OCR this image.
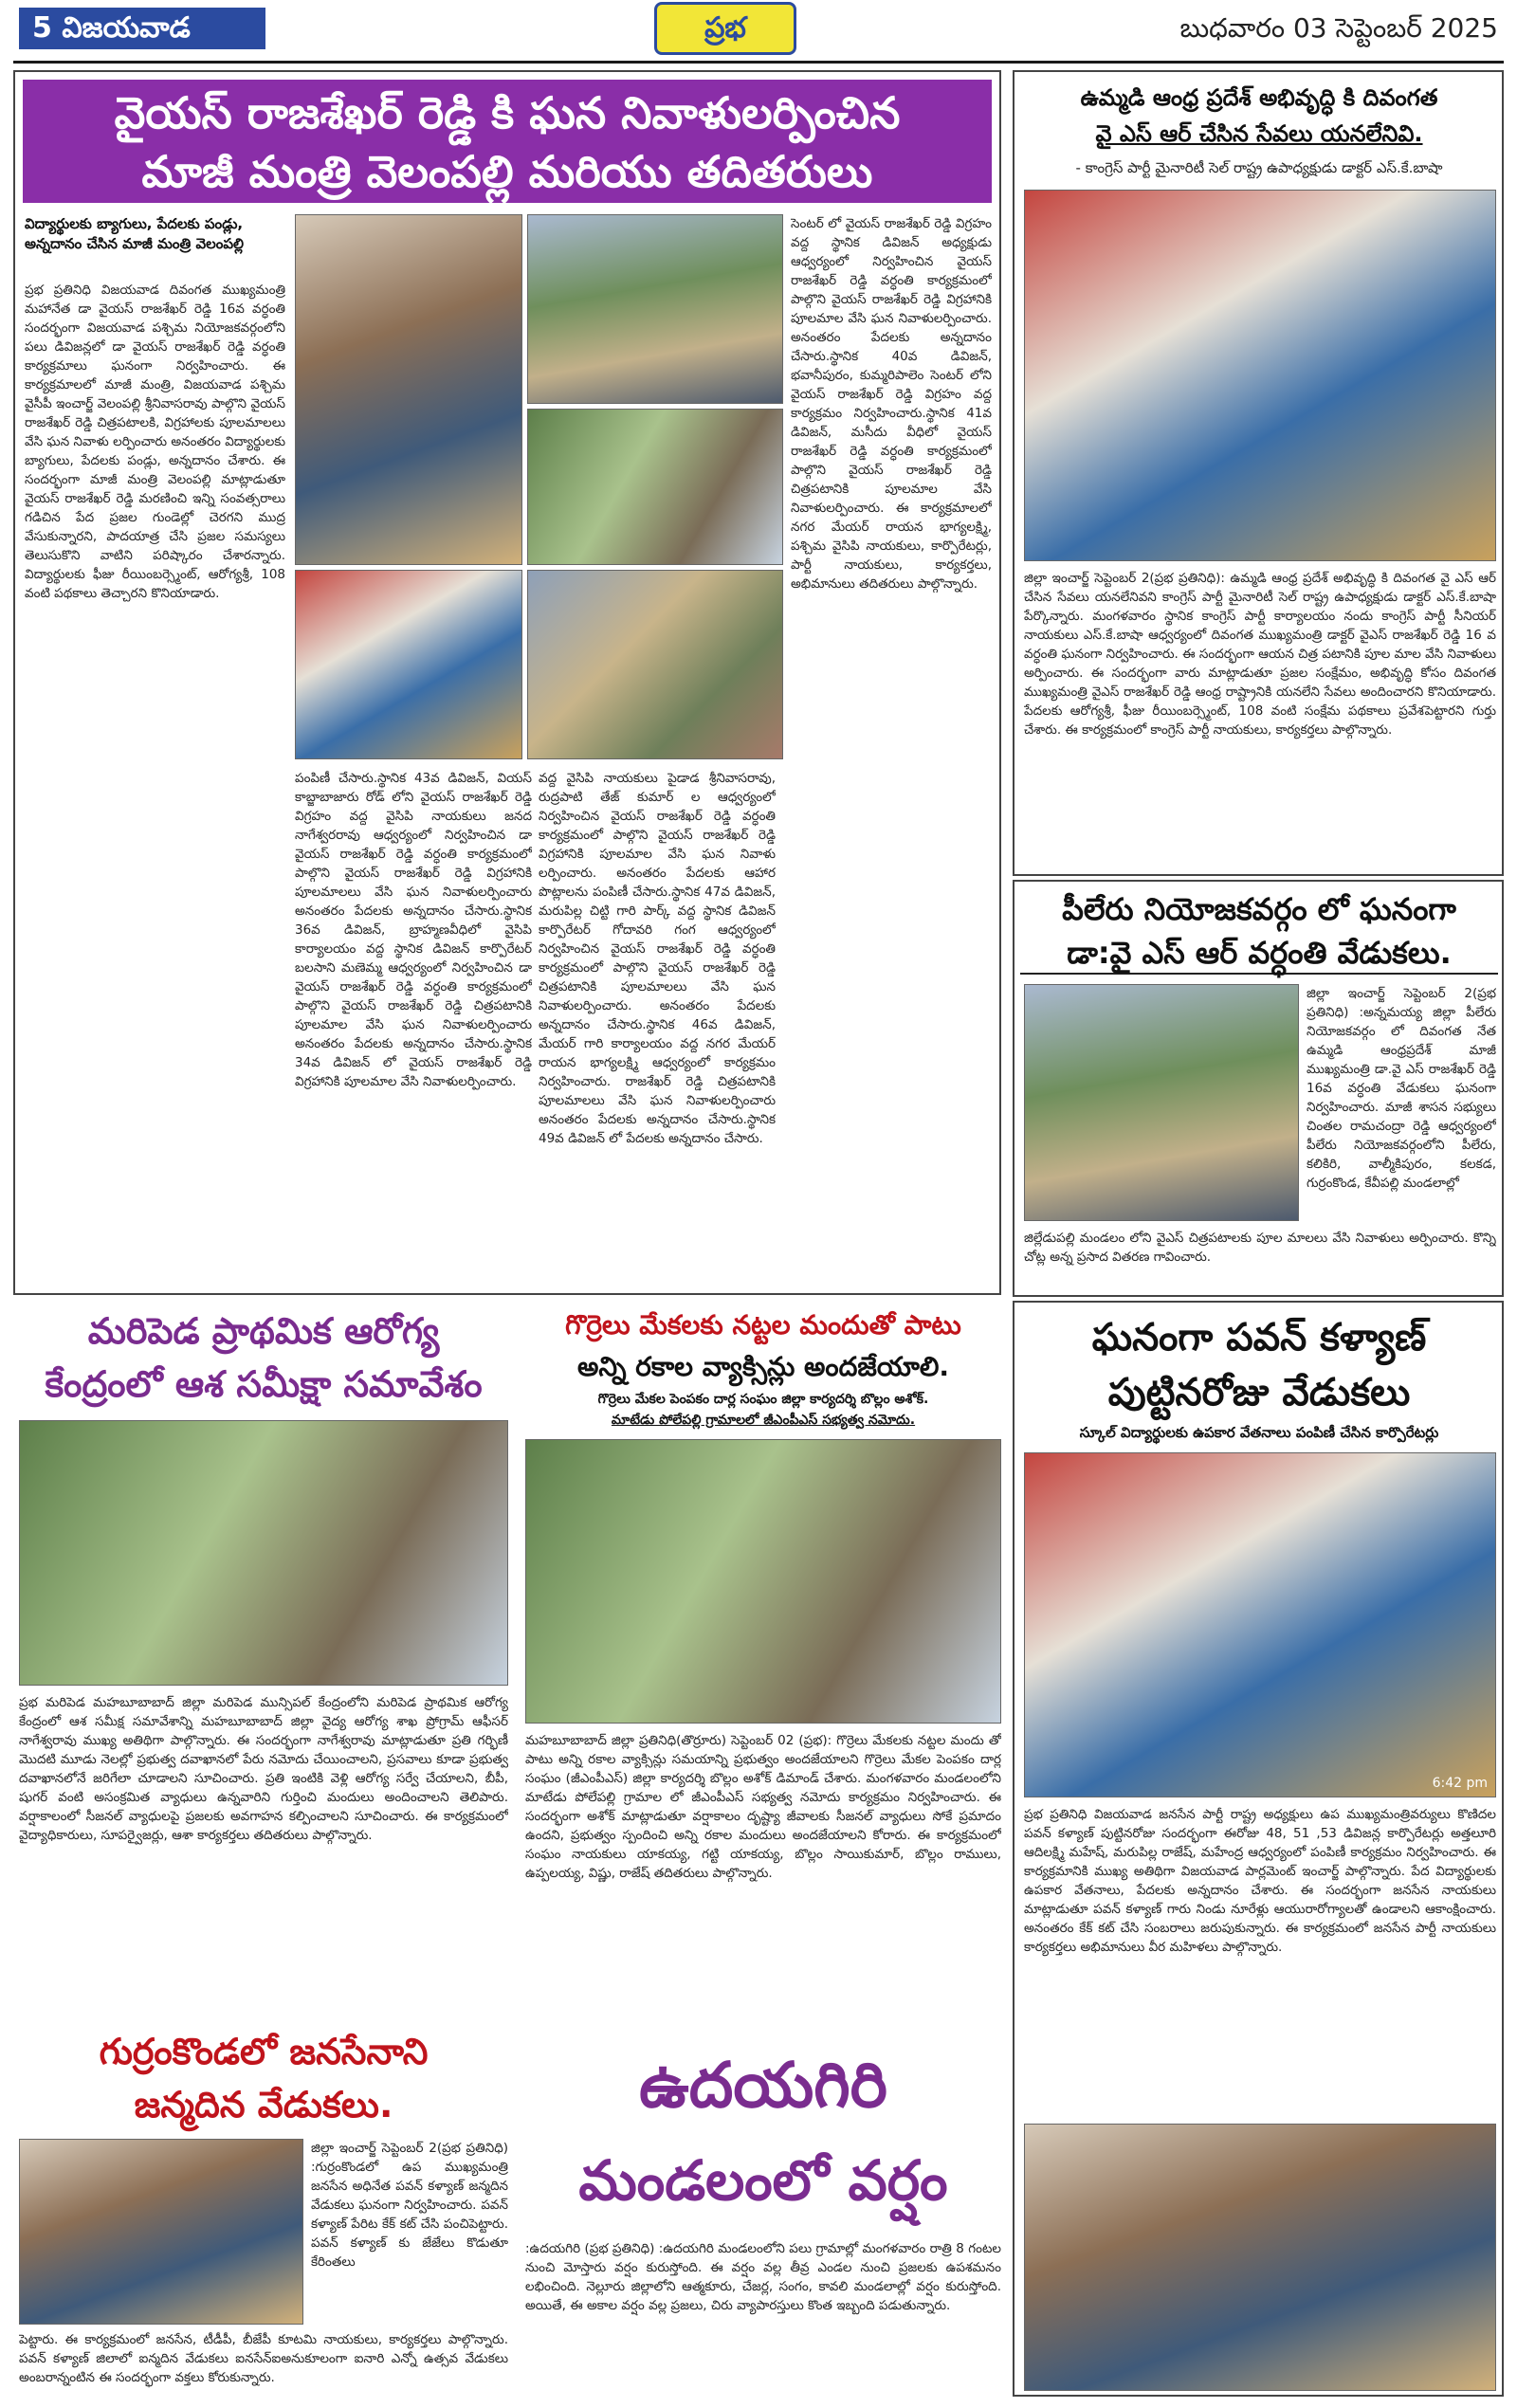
5 విజయవాడ	ప్రభ	బుధవారం 03 సెప్టెంబర్ 2025
వైయస్ రాజశేఖర్ రెడ్డి కి ఘన నివాళులర్పించిన
మాజీ మంత్రి వెలంపల్లి మరియు తదితరులు
విద్యార్థులకు బ్యాగులు, పేదలకు పండ్లు, అన్నదానం చేసిన మాజీ మంత్రి వెలంపల్లి
ప్రభ ప్రతినిధి విజయవాడ దివంగత ముఖ్యమంత్రి మహానేత డా వైయస్ రాజశేఖర్ రెడ్డి 16వ వర్ధంతి సందర్భంగా విజయవాడ పశ్చిమ నియోజకవర్గంలోని పలు డివిజన్లలో డా వైయస్ రాజశేఖర్ రెడ్డి వర్ధంతి కార్యక్రమాలు ఘనంగా నిర్వహించారు. ఈ కార్యక్రమాలలో మాజీ మంత్రి, విజయవాడ పశ్చిమ వైసీపీ ఇంచార్జ్ వెలంపల్లి శ్రీనివాసరావు పాల్గొని వైయస్ రాజశేఖర్ రెడ్డి చిత్రపటాలకి, విగ్రహాలకు పూలమాలలు వేసి ఘన నివాళు లర్పించారు అనంతరం విద్యార్థులకు బ్యాగులు, పేదలకు పండ్లు, అన్నదానం చేశారు. ఈ సందర్భంగా మాజీ మంత్రి వెలంపల్లి మాట్లాడుతూ వైయస్ రాజశేఖర్ రెడ్డి మరణించి ఇన్ని సంవత్సరాలు గడిచిన పేద ప్రజల గుండెల్లో చెరగని ముద్ర వేసుకున్నారని, పాదయాత్ర చేసి ప్రజల సమస్యలు తెలుసుకొని వాటిని పరిష్కారం చేశారన్నారు. విద్యార్థులకు ఫీజు రీయింబర్స్మెంట్, ఆరోగ్యశ్రీ, 108 వంటి పథకాలు తెచ్చారని కొనియాడారు.
పంపిణీ చేసారు.స్థానిక 43వ డివిజన్, వియస్ కాబ్జాబాజారు రోడ్ లోని వైయస్ రాజశేఖర్ రెడ్డి విగ్రహం వద్ద వైసిపి నాయకులు జనద నాగేశ్వరరావు ఆధ్వర్యంలో నిర్వహించిన డా వైయస్ రాజశేఖర్ రెడ్డి వర్ధంతి కార్యక్రమంలో పాల్గొని వైయస్ రాజశేఖర్ రెడ్డి విగ్రహానికి పూలమాలలు వేసి ఘన నివాళులర్పించారు అనంతరం పేదలకు అన్నదానం చేసారు.స్థానిక 36వ డివిజన్, బ్రాహ్మణవీధిలో వైసిపి కార్యాలయం వద్ద స్థానిక డివిజన్ కార్పొరేటర్ బలసాని మణెమ్మ ఆధ్వర్యంలో నిర్వహించిన డా వైయస్ రాజశేఖర్ రెడ్డి వర్ధంతి కార్యక్రమంలో పాల్గొని వైయస్ రాజశేఖర్ రెడ్డి చిత్రపటానికి పూలమాల వేసి ఘన నివాళులర్పించారు అనంతరం పేదలకు అన్నదానం చేసారు.స్థానిక 34వ డివిజన్ లో వైయస్ రాజశేఖర్ రెడ్డి విగ్రహానికి పూలమాల వేసి నివాళులర్పించారు.
వద్ద వైసిపి నాయకులు పైడాడ శ్రీనివాసరావు, రుద్రపాటి తేజ్ కుమార్ ల ఆధ్వర్యంలో నిర్వహించిన వైయస్ రాజశేఖర్ రెడ్డి వర్ధంతి కార్యక్రమంలో పాల్గొని వైయస్ రాజశేఖర్ రెడ్డి విగ్రహానికి పూలమాల వేసి ఘన నివాళు లర్పించారు. అనంతరం పేదలకు ఆహార పొట్లాలను పంపిణీ చేసారు.స్థానిక 47వ డివిజన్, మరుపిల్ల చిట్టి గారి పార్క్ వద్ద స్థానిక డివిజన్ కార్పొరేటర్ గోదావరి గంగ ఆధ్వర్యంలో నిర్వహించిన వైయస్ రాజశేఖర్ రెడ్డి వర్ధంతి కార్యక్రమంలో పాల్గొని వైయస్ రాజశేఖర్ రెడ్డి చిత్రపటానికి పూలమాలలు వేసి ఘన నివాళులర్పించారు. అనంతరం పేదలకు అన్నదానం చేసారు.స్థానిక 46వ డివిజన్, మేయర్ గారి కార్యాలయం వద్ద నగర మేయర్ రాయన భాగ్యలక్ష్మి ఆధ్వర్యంలో కార్యక్రమం నిర్వహించారు. రాజశేఖర్ రెడ్డి చిత్రపటానికి పూలమాలలు వేసి ఘన నివాళులర్పించారు అనంతరం పేదలకు అన్నదానం చేసారు.స్థానిక 49వ డివిజన్ లో పేదలకు అన్నదానం చేసారు.
సెంటర్ లో వైయస్ రాజశేఖర్ రెడ్డి విగ్రహం వద్ద స్థానిక డివిజన్ అధ్యక్షుడు ఆధ్వర్యంలో నిర్వహించిన వైయస్ రాజశేఖర్ రెడ్డి వర్ధంతి కార్యక్రమంలో పాల్గొని వైయస్ రాజశేఖర్ రెడ్డి విగ్రహానికి పూలమాల వేసి ఘన నివాళులర్పించారు. అనంతరం పేదలకు అన్నదానం చేసారు.స్థానిక 40వ డివిజన్, భవానీపురం, కుమ్మరిపాలెం సెంటర్ లోని వైయస్ రాజశేఖర్ రెడ్డి విగ్రహం వద్ద కార్యక్రమం నిర్వహించారు.స్థానిక 41వ డివిజన్, మసీదు వీధిలో వైయస్ రాజశేఖర్ రెడ్డి వర్ధంతి కార్యక్రమంలో పాల్గొని వైయస్ రాజశేఖర్ రెడ్డి చిత్రపటానికి పూలమాల వేసి నివాళులర్పించారు. ఈ కార్యక్రమాలలో నగర మేయర్ రాయన భాగ్యలక్ష్మి, పశ్చిమ వైసిపి నాయకులు, కార్పొరేటర్లు, పార్టీ నాయకులు, కార్యకర్తలు, అభిమానులు తదితరులు పాల్గొన్నారు.
ఉమ్మడి ఆంధ్ర ప్రదేశ్ అభివృద్ధి కి దివంగత
వై ఎస్ ఆర్ చేసిన సేవలు యనలేనివి.
- కాంగ్రెస్ పార్టీ మైనారిటీ సెల్ రాష్ట్ర ఉపాధ్యక్షుడు డాక్టర్ ఎస్.కే.బాషా
జిల్లా ఇంచార్జ్ సెప్టెంబర్ 2(ప్రభ ప్రతినిధి): ఉమ్మడి ఆంధ్ర ప్రదేశ్ అభివృద్ధి కి దివంగత వై ఎస్ ఆర్ చేసిన సేవలు యనలేనివని కాంగ్రెస్ పార్టీ మైనారిటీ సెల్ రాష్ట్ర ఉపాధ్యక్షుడు డాక్టర్ ఎస్.కే.బాషా పేర్కొన్నారు. మంగళవారం స్థానిక కాంగ్రెస్ పార్టీ కార్యాలయం నందు కాంగ్రెస్ పార్టీ సీనియర్ నాయకులు ఎస్.కే.బాషా ఆధ్వర్యంలో దివంగత ముఖ్యమంత్రి డాక్టర్ వైఎస్ రాజశేఖర్ రెడ్డి 16 వ వర్ధంతి ఘనంగా నిర్వహించారు. ఈ సందర్భంగా ఆయన చిత్ర పటానికి పూల మాల వేసి నివాళులు అర్పించారు. ఈ సందర్భంగా వారు మాట్లాడుతూ ప్రజల సంక్షేమం, అభివృద్ధి కోసం దివంగత ముఖ్యమంత్రి వైఎస్ రాజశేఖర్ రెడ్డి ఆంధ్ర రాష్ట్రానికి యనలేని సేవలు అందించారని కొనియాడారు. పేదలకు ఆరోగ్యశ్రీ, ఫీజు రీయింబర్స్మెంట్, 108 వంటి సంక్షేమ పథకాలు ప్రవేశపెట్టారని గుర్తు చేశారు. ఈ కార్యక్రమంలో కాంగ్రెస్ పార్టీ నాయకులు, కార్యకర్తలు పాల్గొన్నారు.
పీలేరు నియోజకవర్గం లో ఘనంగా
డా:వై ఎస్ ఆర్ వర్ధంతి వేడుకలు.
జిల్లా ఇంచార్జ్ సెప్టెంబర్ 2(ప్రభ ప్రతినిధి) :అన్నమయ్య జిల్లా పీలేరు నియోజకవర్గం లో దివంగత నేత ఉమ్మడి ఆంధ్రప్రదేశ్ మాజీ ముఖ్యమంత్రి డా.వై ఎస్ రాజశేఖర్ రెడ్డి 16వ వర్ధంతి వేడుకలు ఘనంగా నిర్వహించారు. మాజీ శాసన సభ్యులు చింతల రామచంద్రా రెడ్డి ఆధ్వర్యంలో పీలేరు నియోజకవర్గంలోని పీలేరు, కలికిరి, వాల్మీకిపురం, కలకడ, గుర్రంకొండ, కేవీపల్లి మండలాల్లో
జిల్లేడుపల్లి మండలం లోని వైఎస్ చిత్రపటాలకు పూల మాలలు వేసి నివాళులు అర్పించారు. కొన్ని చోట్ల అన్న ప్రసాద వితరణ గావించారు.
ఘనంగా పవన్ కళ్యాణ్
పుట్టినరోజు వేడుకలు
స్కూల్ విద్యార్థులకు ఉపకార వేతనాలు పంపిణీ చేసిన కార్పొరేటర్లు
6:42 pm
ప్రభ ప్రతినిధి విజయవాడ జనసేన పార్టీ రాష్ట్ర అధ్యక్షులు ఉప ముఖ్యమంత్రివర్యులు కొణిదల పవన్ కళ్యాణ్ పుట్టినరోజు సందర్భంగా ఈరోజు 48, 51 ,53 డివిజన్ల కార్పొరేటర్లు అత్తలూరి ఆదిలక్ష్మి మహేష్, మరుపిల్ల రాజేష్, మహేంద్ర ఆధ్వర్యంలో పంపిణీ కార్యక్రమం నిర్వహించారు. ఈ కార్యక్రమానికి ముఖ్య అతిథిగా విజయవాడ పార్లమెంట్ ఇంచార్జ్ పాల్గొన్నారు. పేద విద్యార్థులకు ఉపకార వేతనాలు, పేదలకు అన్నదానం చేశారు. ఈ సందర్భంగా జనసేన నాయకులు మాట్లాడుతూ పవన్ కళ్యాణ్ గారు నిండు నూరేళ్లు ఆయురారోగ్యాలతో ఉండాలని ఆకాంక్షించారు. అనంతరం కేక్ కట్ చేసి సంబరాలు జరుపుకున్నారు. ఈ కార్యక్రమంలో జనసేన పార్టీ నాయకులు కార్యకర్తలు అభిమానులు వీర మహిళలు పాల్గొన్నారు.
మరిపెడ ప్రాథమిక ఆరోగ్య
కేంద్రంలో ఆశ సమీక్షా సమావేశం
ప్రభ మరిపెడ మహబూబాబాద్ జిల్లా మరిపెడ మున్సిపల్ కేంద్రంలోని మరిపెడ ప్రాథమిక ఆరోగ్య కేంద్రంలో ఆశ సమీక్ష సమావేశాన్ని మహబూబాబాద్ జిల్లా వైద్య ఆరోగ్య శాఖ ప్రోగ్రామ్ ఆఫీసర్ నాగేశ్వరావు ముఖ్య అతిథిగా పాల్గొన్నారు. ఈ సందర్భంగా నాగేశ్వరావు మాట్లాడుతూ ప్రతి గర్భిణీ మొదటి మూడు నెలల్లో ప్రభుత్వ దవాఖానలో పేరు నమోదు చేయించాలని, ప్రసవాలు కూడా ప్రభుత్వ దవాఖానలోనే జరిగేలా చూడాలని సూచించారు. ప్రతి ఇంటికి వెళ్లి ఆరోగ్య సర్వే చేయాలని, బీపీ, షుగర్ వంటి అసంక్రమిత వ్యాధులు ఉన్నవారిని గుర్తించి మందులు అందించాలని తెలిపారు. వర్షాకాలంలో సీజనల్ వ్యాధులపై ప్రజలకు అవగాహన కల్పించాలని సూచించారు. ఈ కార్యక్రమంలో వైద్యాధికారులు, సూపర్వైజర్లు, ఆశా కార్యకర్తలు తదితరులు పాల్గొన్నారు.
గొర్రెలు మేకలకు నట్టల మందుతో పాటు
అన్ని రకాల వ్యాక్సిన్లు అందజేయాలి.
గొర్రెలు మేకల పెంపకం దార్ల సంఘం జిల్లా కార్యదర్శి బొల్లం అశోక్.
మాటేడు పోలేపల్లి గ్రామాలలో జీఎంపీఎస్ సభ్యత్వ నమోదు.
మహబూబాబాద్ జిల్లా ప్రతినిధి(తొర్రూరు) సెప్టెంబర్ 02 (ప్రభ): గొర్రెలు మేకలకు నట్టల మందు తో పాటు అన్ని రకాల వ్యాక్సిన్లు సమయాన్ని ప్రభుత్వం అందజేయాలని గొర్రెలు మేకల పెంపకం దార్ల సంఘం (జీఎంపీఎస్) జిల్లా కార్యదర్శి బొల్లం అశోక్ డిమాండ్ చేశారు. మంగళవారం మండలంలోని మాటేడు పోలేపల్లి గ్రామాల లో జీఎంపీఎస్ సభ్యత్వ నమోదు కార్యక్రమం నిర్వహించారు. ఈ సందర్భంగా అశోక్ మాట్లాడుతూ వర్షాకాలం దృష్ట్యా జీవాలకు సీజనల్ వ్యాధులు సోకే ప్రమాదం ఉందని, ప్రభుత్వం స్పందించి అన్ని రకాల మందులు అందజేయాలని కోరారు. ఈ కార్యక్రమంలో సంఘం నాయకులు యాకయ్య, గట్టి యాకయ్య, బొల్లం సాయికుమార్, బొల్లం రాములు, ఉప్పలయ్య, విష్ణు, రాజేష్ తదితరులు పాల్గొన్నారు.
గుర్రంకొండలో జనసేనాని
జన్మదిన వేడుకలు.
జిల్లా ఇంచార్జ్ సెప్టెంబర్ 2(ప్రభ ప్రతినిధి) :గుర్రంకొండలో ఉప ముఖ్యమంత్రి జనసేన అధినేత పవన్ కళ్యాణ్ జన్మదిన వేడుకలు ఘనంగా నిర్వహించారు. పవన్ కళ్యాణ్ పేరిట కేక్ కట్ చేసి పంచిపెట్టారు. పవన్ కళ్యాణ్ కు జేజేలు కొడుతూ కేరింతలు
పెట్టారు. ఈ కార్యక్రమంలో జనసేన, టీడీపీ, బీజేపీ కూటమి నాయకులు, కార్యకర్తలు పాల్గొన్నారు. పవన్ కళ్యాణ్ జిలాలో ఐన్మదిన వేడుకలు ఐనసేన్ఐఅనుకూలంగా ఐనారి ఎన్నో ఉత్సవ వేడుకలు అంబరాన్నంటిన ఈ సందర్భంగా వక్తలు కోరుకున్నారు.
ఉదయగిరి
మండలంలో వర్షం
:ఉదయగిరి (ప్రభ ప్రతినిధి) :ఉదయగిరి మండలంలోని పలు గ్రామాల్లో మంగళవారం రాత్రి 8 గంటల నుంచి మోస్తారు వర్షం కురుస్తోంది. ఈ వర్షం వల్ల తీవ్ర ఎండల నుంచి ప్రజలకు ఉపశమనం లభించింది. నెల్లూరు జిల్లాలోని ఆత్మకూరు, చేజర్ల, సంగం, కావలి మండలాల్లో వర్షం కురుస్తోంది. అయితే, ఈ అకాల వర్షం వల్ల ప్రజలు, చిరు వ్యాపారస్తులు కొంత ఇబ్బంది పడుతున్నారు.
